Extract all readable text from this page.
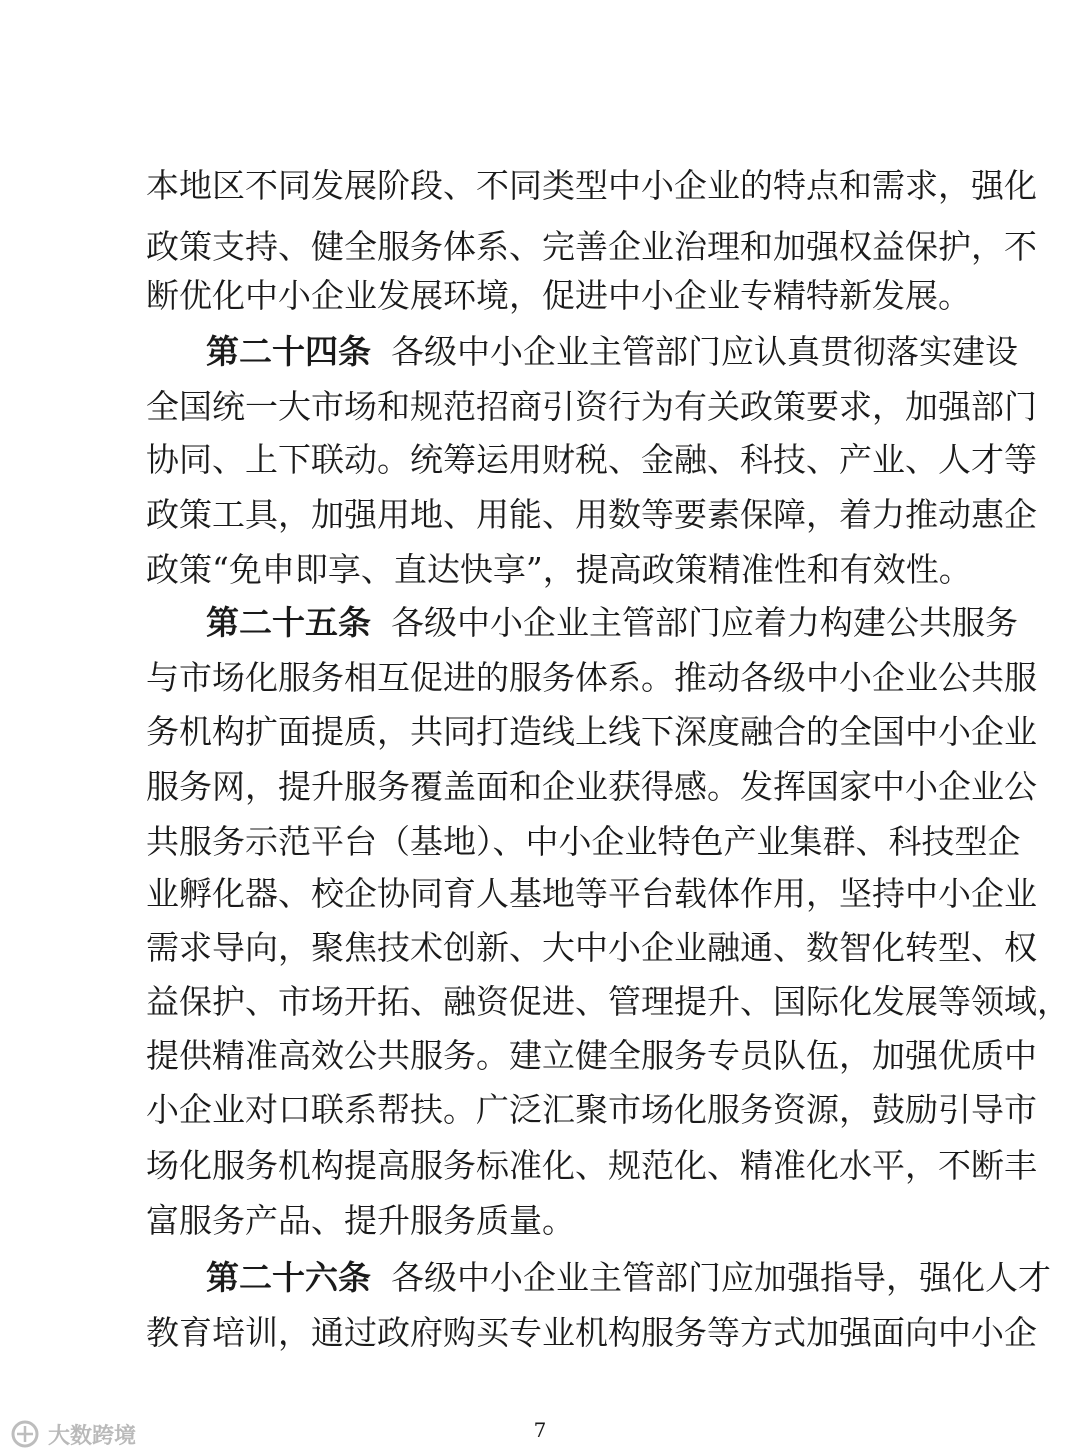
本地区不同发展阶段、不同类型中小企业的特点和需求，强化
政策支持、健全服务体系、完善企业治理和加强权益保护，不
断优化中小企业发展环境，促进中小企业专精特新发展。
第二十四条 各级中小企业主管部门应认真贯彻落实建设
全国统一大市场和规范招商引资行为有关政策要求，加强部门
协同、上下联动。统筹运用财税、金融、科技、产业、人才等
政策工具，加强用地、用能、用数等要素保障，着力推动惠企
政策“免申即享、直达快享”，提高政策精准性和有效性。
第二十五条 各级中小企业主管部门应着力构建公共服务
与市场化服务相互促进的服务体系。推动各级中小企业公共服
务机构扩面提质，共同打造线上线下深度融合的全国中小企业
服务网，提升服务覆盖面和企业获得感。发挥国家中小企业公
共服务示范平台（基地）、中小企业特色产业集群、科技型企
业孵化器、校企协同育人基地等平台载体作用，坚持中小企业
需求导向，聚焦技术创新、大中小企业融通、数智化转型、权
益保护、市场开拓、融资促进、管理提升、国际化发展等领域，
提供精准高效公共服务。建立健全服务专员队伍，加强优质中
小企业对口联系帮扶。广泛汇聚市场化服务资源，鼓励引导市
场化服务机构提高服务标准化、规范化、精准化水平，不断丰
富服务产品、提升服务质量。
第二十六条 各级中小企业主管部门应加强指导，强化人才
教育培训，通过政府购买专业机构服务等方式加强面向中小企
7
大数跨境
